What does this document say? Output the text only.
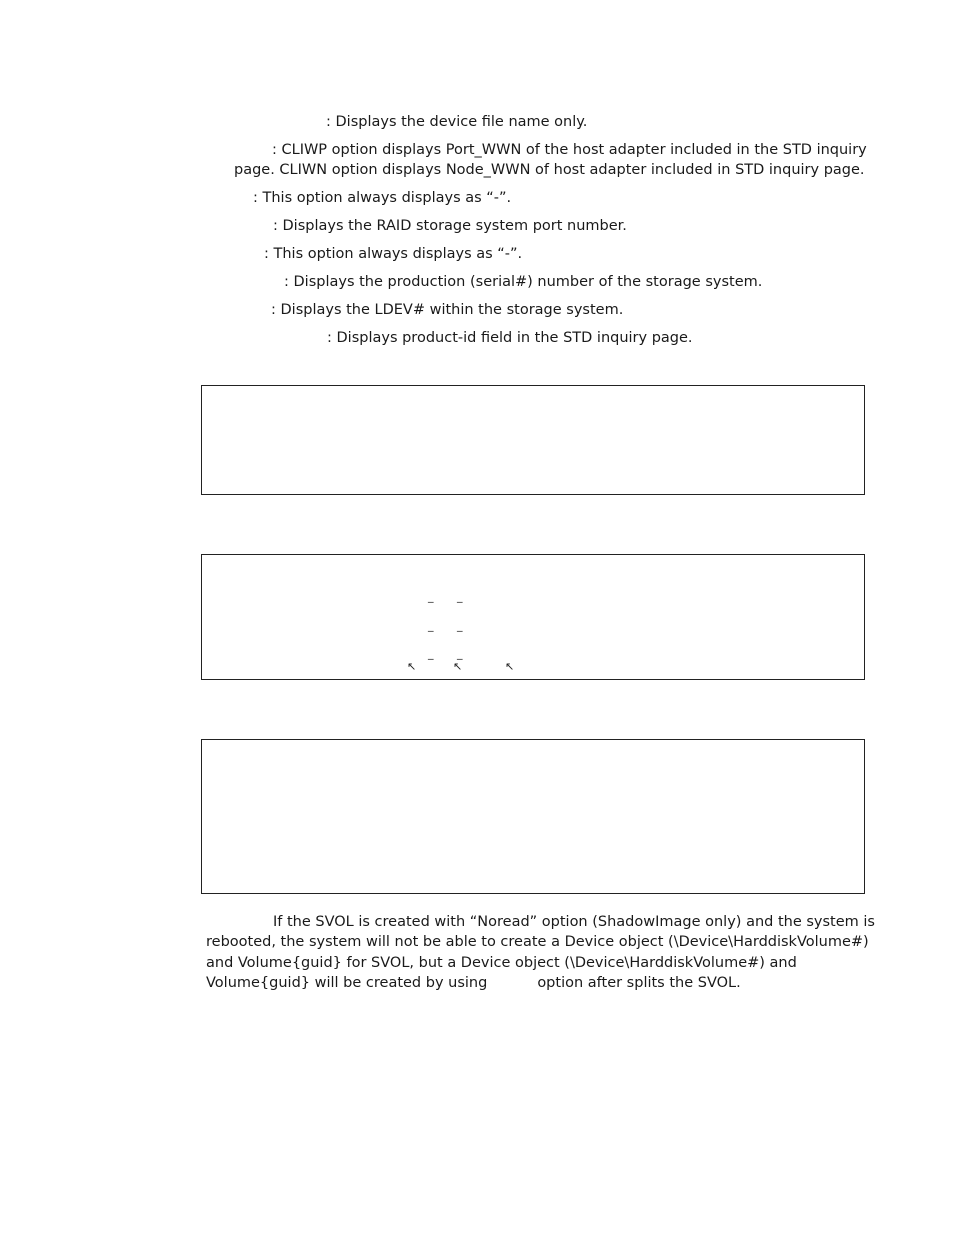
: Displays the device file name only.
: CLIWP option displays Port_WWN of the host adapter included in the STD inquiry
page. CLIWN option displays Node_WWN of host adapter included in STD inquiry page.
: This option always displays as “-”.
: Displays the RAID storage system port number.
: This option always displays as “-”.
: Displays the production (serial#) number of the storage system.
: Displays the LDEV# within the storage system.
: Displays product-id field in the STD inquiry page.
_ _
_ _
_ _
↖	↖	↖
If the SVOL is created with “Noread” option (ShadowImage only) and the system is
rebooted, the system will not be able to create a Device object (\Device\HarddiskVolume#)
and Volume{guid} for SVOL, but a Device object (\Device\HarddiskVolume#) and
Volume{guid} will be created by using	option after splits the SVOL.
